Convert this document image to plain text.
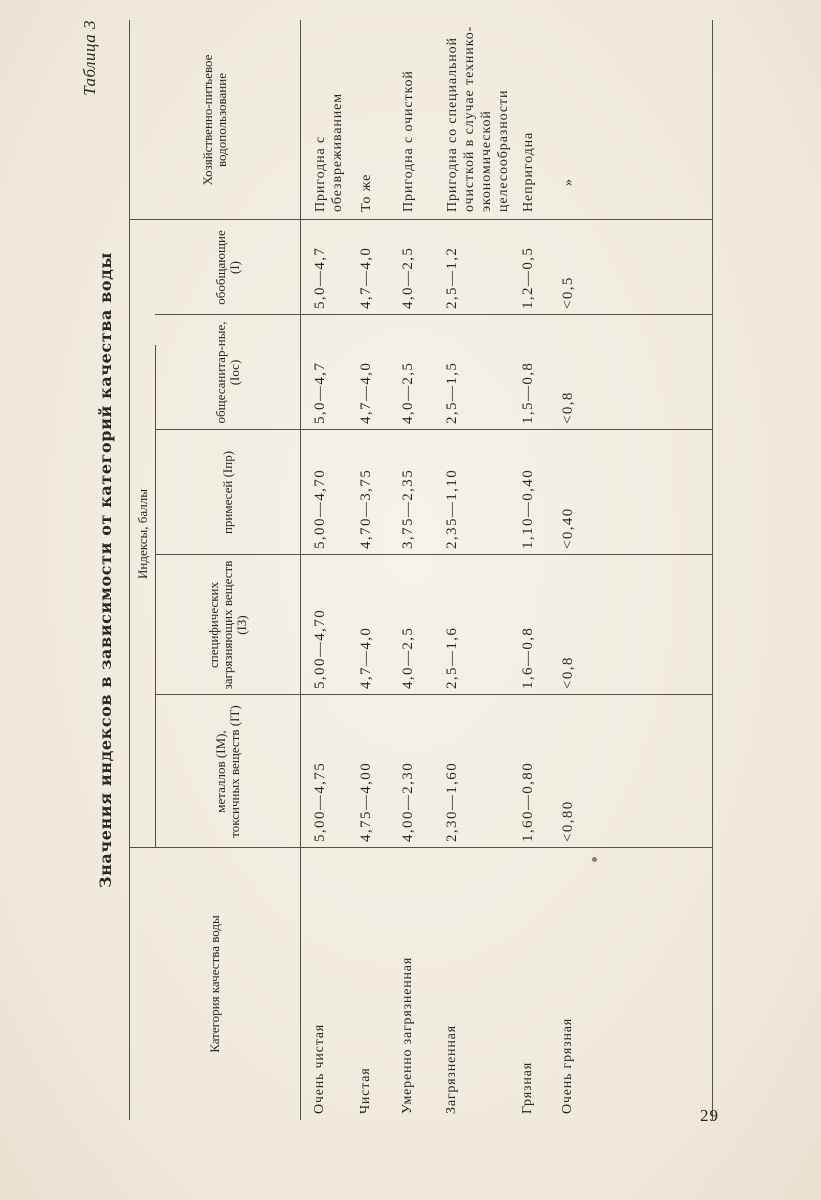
Таблица 3
Значения индексов в зависимости от категорий качества воды
Категория качества воды
Индексы, баллы
металлов (IM), токсичных веществ (IT)
специфических загрязняющих веществ (IЗ)
примесей (Iпр)
общесанитар-ные, (Iос)
обобщающие (I)
Хозяйственно-питьевое водопользование
Очень чистая
5,00—4,75
5,00—4,70
5,00—4,70
5,0—4,7
5,0—4,7
Пригодна с обезвреживанием
Чистая
4,75—4,00
4,7—4,0
4,70—3,75
4,7—4,0
4,7—4,0
То же
Умеренно загрязненная
4,00—2,30
4,0—2,5
3,75—2,35
4,0—2,5
4,0—2,5
Пригодна с очисткой
Загрязненная
2,30—1,60
2,5—1,6
2,35—1,10
2,5—1,5
2,5—1,2
Пригодна со специальной очисткой в случае технико-экономической целесообразности
Грязная
1,60—0,80
1,6—0,8
1,10—0,40
1,5—0,8
1,2—0,5
Непригодна
Очень грязная
<0,80
<0,8
<0,40
<0,8
<0,5
»
29
